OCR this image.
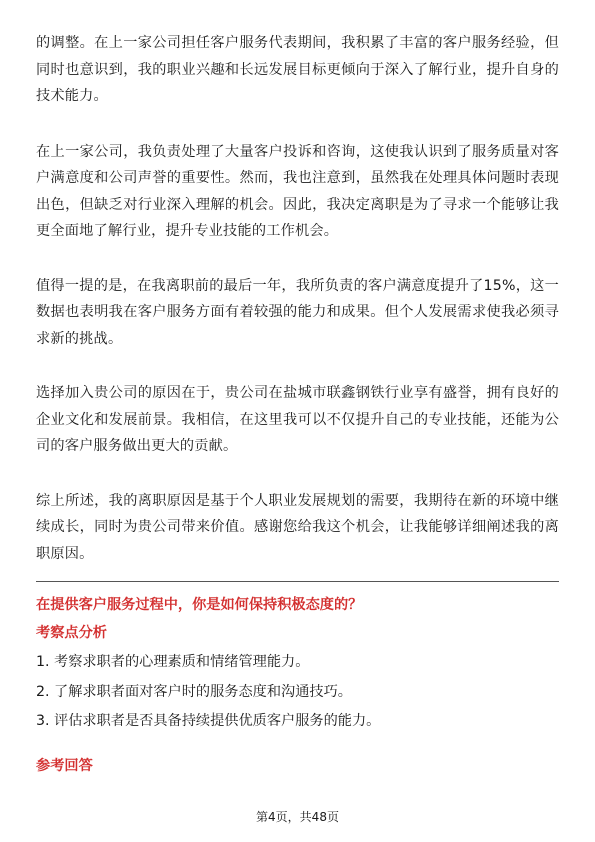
的调整。在上一家公司担任客户服务代表期间，我积累了丰富的客户服务经验，但同时也意识到，我的职业兴趣和长远发展目标更倾向于深入了解行业，提升自身的技术能力。

在上一家公司，我负责处理了大量客户投诉和咨询，这使我认识到了服务质量对客户满意度和公司声誉的重要性。然而，我也注意到，虽然我在处理具体问题时表现出色，但缺乏对行业深入理解的机会。因此，我决定离职是为了寻求一个能够让我更全面地了解行业，提升专业技能的工作机会。

值得一提的是，在我离职前的最后一年，我所负责的客户满意度提升了15%，这一数据也表明我在客户服务方面有着较强的能力和成果。但个人发展需求使我必须寻求新的挑战。

选择加入贵公司的原因在于，贵公司在盐城市联鑫钢铁行业享有盛誉，拥有良好的企业文化和发展前景。我相信，在这里我可以不仅提升自己的专业技能，还能为公司的客户服务做出更大的贡献。

综上所述，我的离职原因是基于个人职业发展规划的需要，我期待在新的环境中继续成长，同时为贵公司带来价值。感谢您给我这个机会，让我能够详细阐述我的离职原因。

在提供客户服务过程中，你是如何保持积极态度的？

考察点分析

1. 考察求职者的心理素质和情绪管理能力。
2. 了解求职者面对客户时的服务态度和沟通技巧。
3. 评估求职者是否具备持续提供优质客户服务的能力。

参考回答

第4页，共48页
